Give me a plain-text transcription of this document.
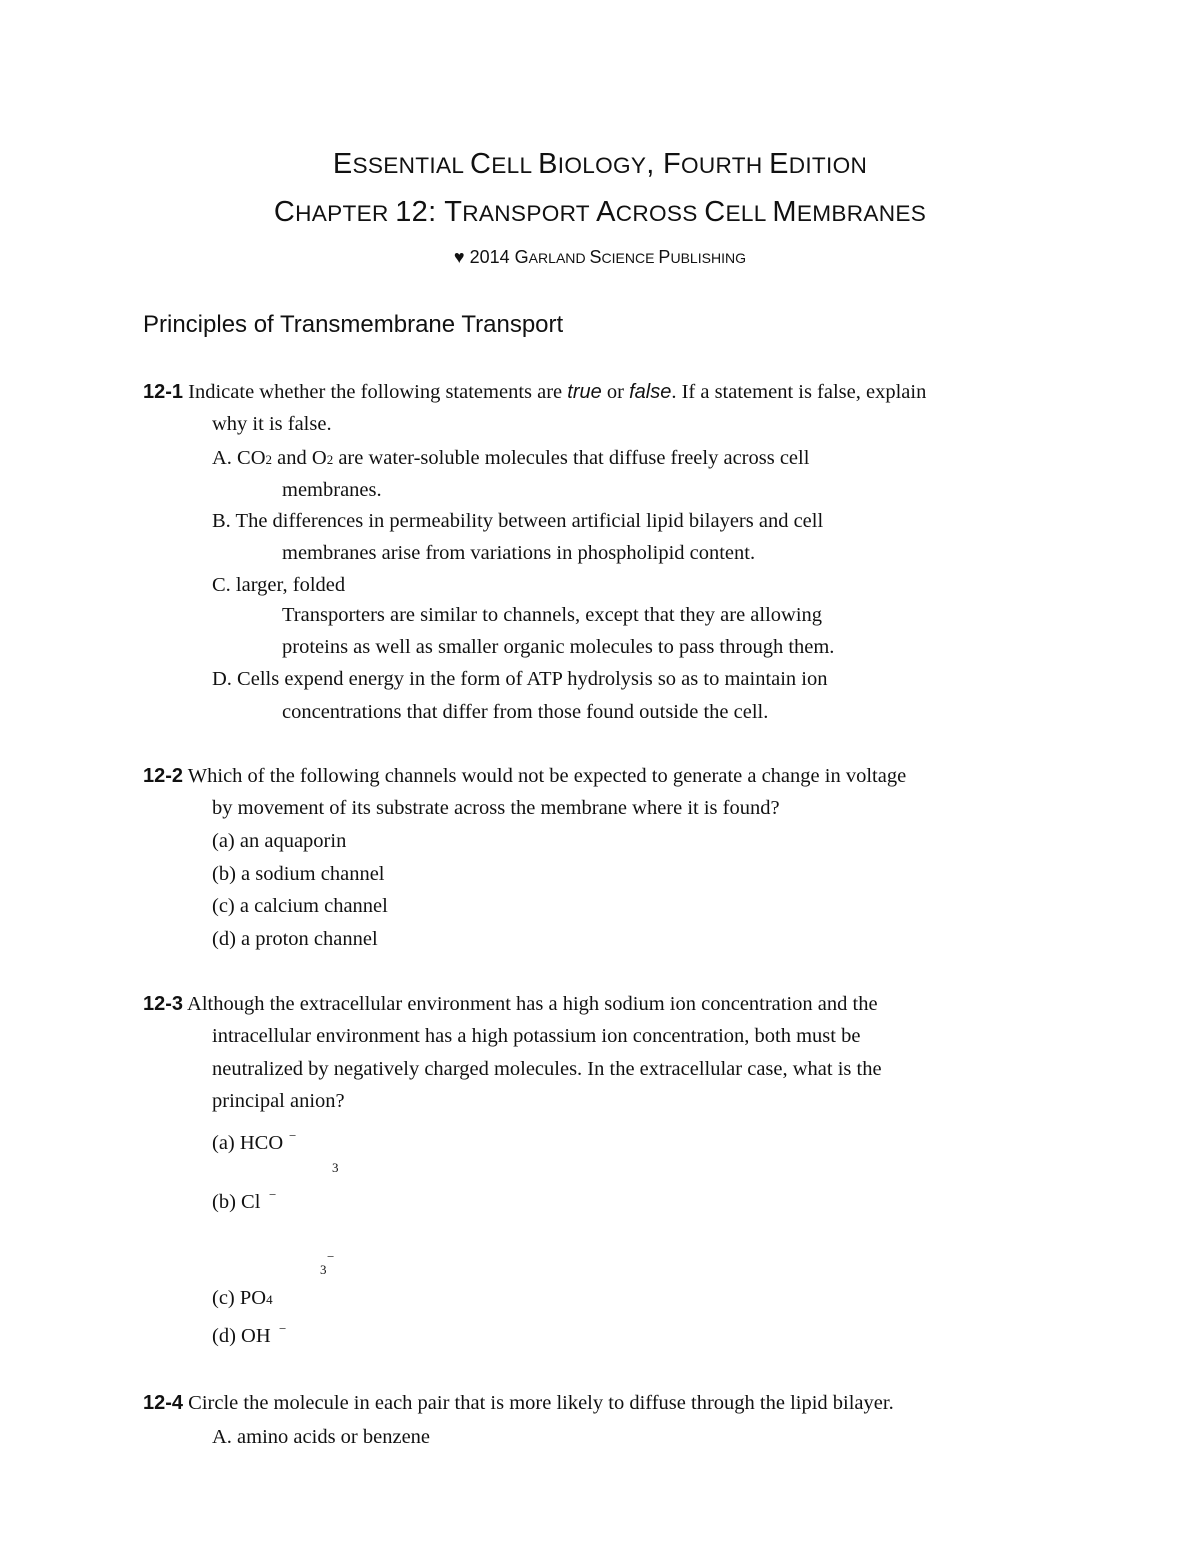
ESSENTIAL CELL BIOLOGY, FOURTH EDITION
CHAPTER 12: TRANSPORT ACROSS CELL MEMBRANES
♥ 2014 GARLAND SCIENCE PUBLISHING
Principles of Transmembrane Transport
12-1 Indicate whether the following statements are true or false. If a statement is false, explain
why it is false.
A. CO2 and O2 are water-soluble molecules that diffuse freely across cell
membranes.
B. The differences in permeability between artificial lipid bilayers and cell
membranes arise from variations in phospholipid content.
C. larger, folded
Transporters are similar to channels, except that they are allowing
proteins as well as smaller organic molecules to pass through them.
D. Cells expend energy in the form of ATP hydrolysis so as to maintain ion
concentrations that differ from those found outside the cell.
12-2 Which of the following channels would not be expected to generate a change in voltage
by movement of its substrate across the membrane where it is found?
(a) an aquaporin
(b) a sodium channel
(c) a calcium channel
(d) a proton channel
12-3 Although the extracellular environment has a high sodium ion concentration and the
intracellular environment has a high potassium ion concentration, both must be
neutralized by negatively charged molecules. In the extracellular case, what is the
principal anion?
(a) HCO −
3
(b) Cl −
−
3
(c) PO4
(d) OH −
12-4 Circle the molecule in each pair that is more likely to diffuse through the lipid bilayer.
A. amino acids or benzene
